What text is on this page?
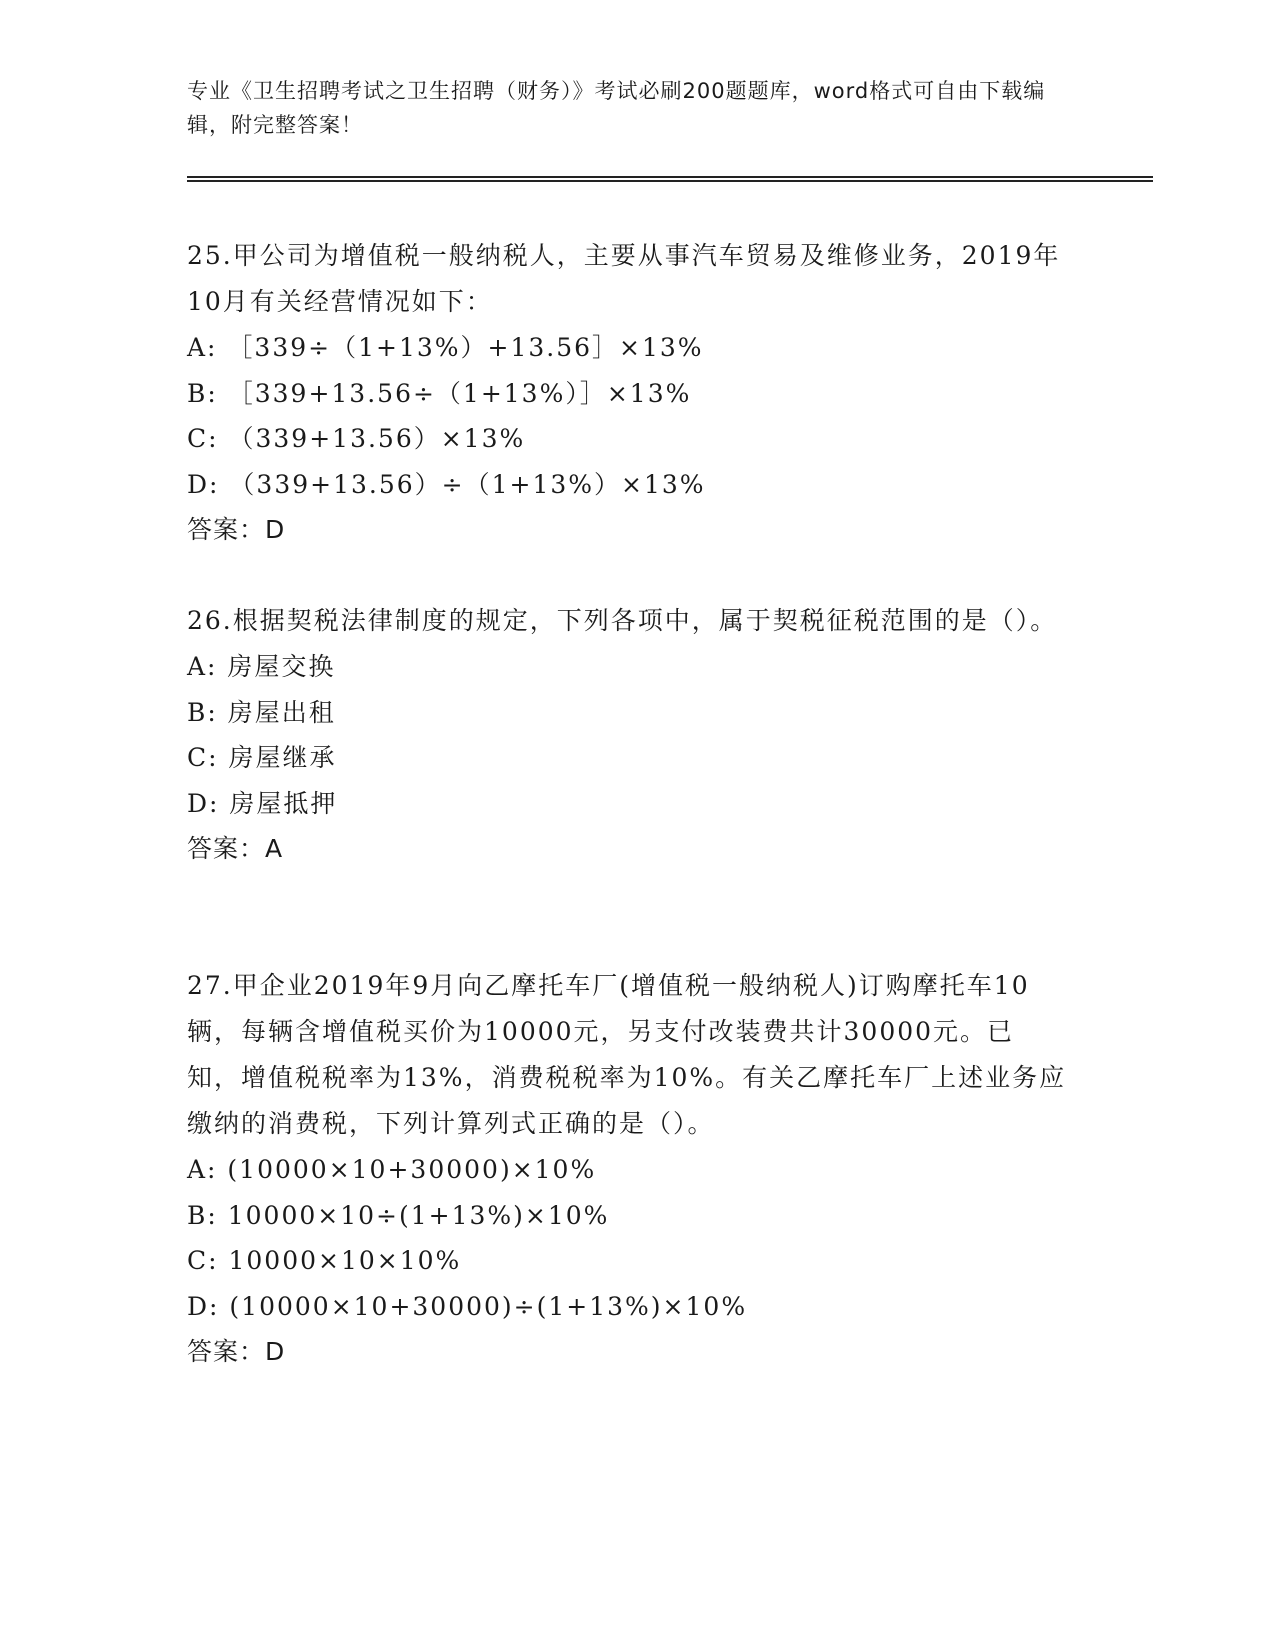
专业《卫生招聘考试之卫生招聘（财务）》考试必刷200题题库，word格式可自由下载编辑，附完整答案！

25.甲公司为增值税一般纳税人，主要从事汽车贸易及维修业务，2019年10月有关经营情况如下：

A: ［339÷（1+13%）+13.56］×13%

B: ［339+13.56÷（1+13%）］×13%

C: （339+13.56）×13%

D: （339+13.56）÷（1+13%）×13%

答案：D

26.根据契税法律制度的规定，下列各项中，属于契税征税范围的是（）。

A: 房屋交换

B: 房屋出租

C: 房屋继承

D: 房屋抵押

答案：A

27.甲企业2019年9月向乙摩托车厂(增值税一般纳税人)订购摩托车10辆，每辆含增值税买价为10000元，另支付改装费共计30000元。已知，增值税税率为13%，消费税税率为10%。有关乙摩托车厂上述业务应缴纳的消费税，下列计算列式正确的是（）。

A: (10000×10+30000)×10%

B: 10000×10÷(1+13%)×10%

C: 10000×10×10%

D: (10000×10+30000)÷(1+13%)×10%

答案：D
